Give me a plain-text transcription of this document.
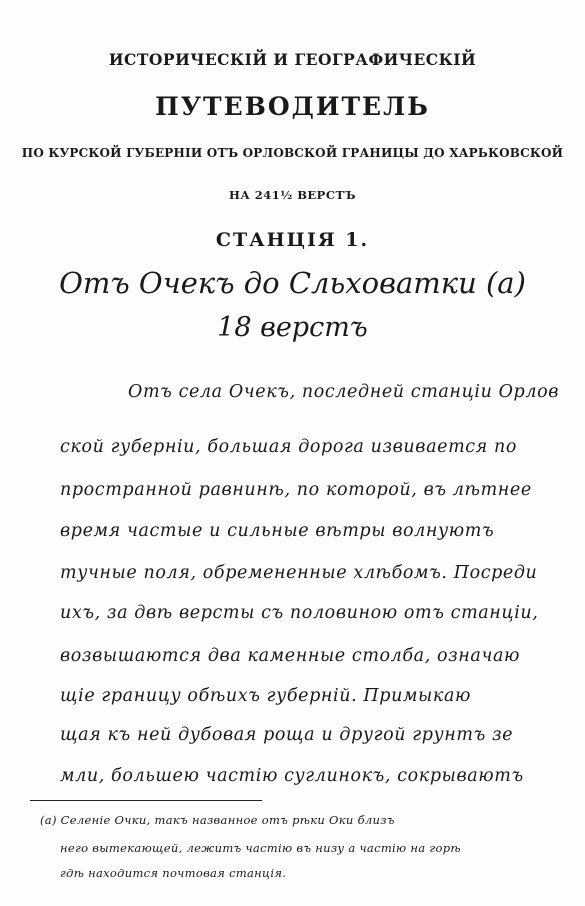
ИСТОРИЧЕСКІЙ И ГЕОГРАФИЧЕСКІЙ
ПУТЕВОДИТЕЛЬ
ПО КУРСКОЙ ГУБЕРНІИ ОТЪ ОРЛОВСКОЙ ГРАНИЦЫ ДО ХАРЬКОВСКОЙ
НА 241½ ВЕРСТЪ
СТАНЦІЯ 1.
Отъ Очекъ до Сльховатки (а)
18 верстъ
Отъ села Очекъ, последней станціи Орлов
ской губерніи, большая дорога извивается по
пространной равнинѣ, по которой, въ лѣтнее
время частые и сильные вѣтры волнуютъ
тучные поля, обремененные хлѣбомъ. Посреди
ихъ, за двѣ версты съ половиною отъ станціи,
возвышаются два каменные столба, означаю
щіе границу обѣихъ губерній. Примыкаю
щая къ ней дубовая роща и другой грунтъ зе
мли, большею частію суглинокъ, сокрываютъ
(а) Селеніе Очки, такъ названное отъ рѣки Оки близъ
него вытекающей, лежитъ частію въ низу а частію на горѣ
гдѣ находится почтовая станція.
